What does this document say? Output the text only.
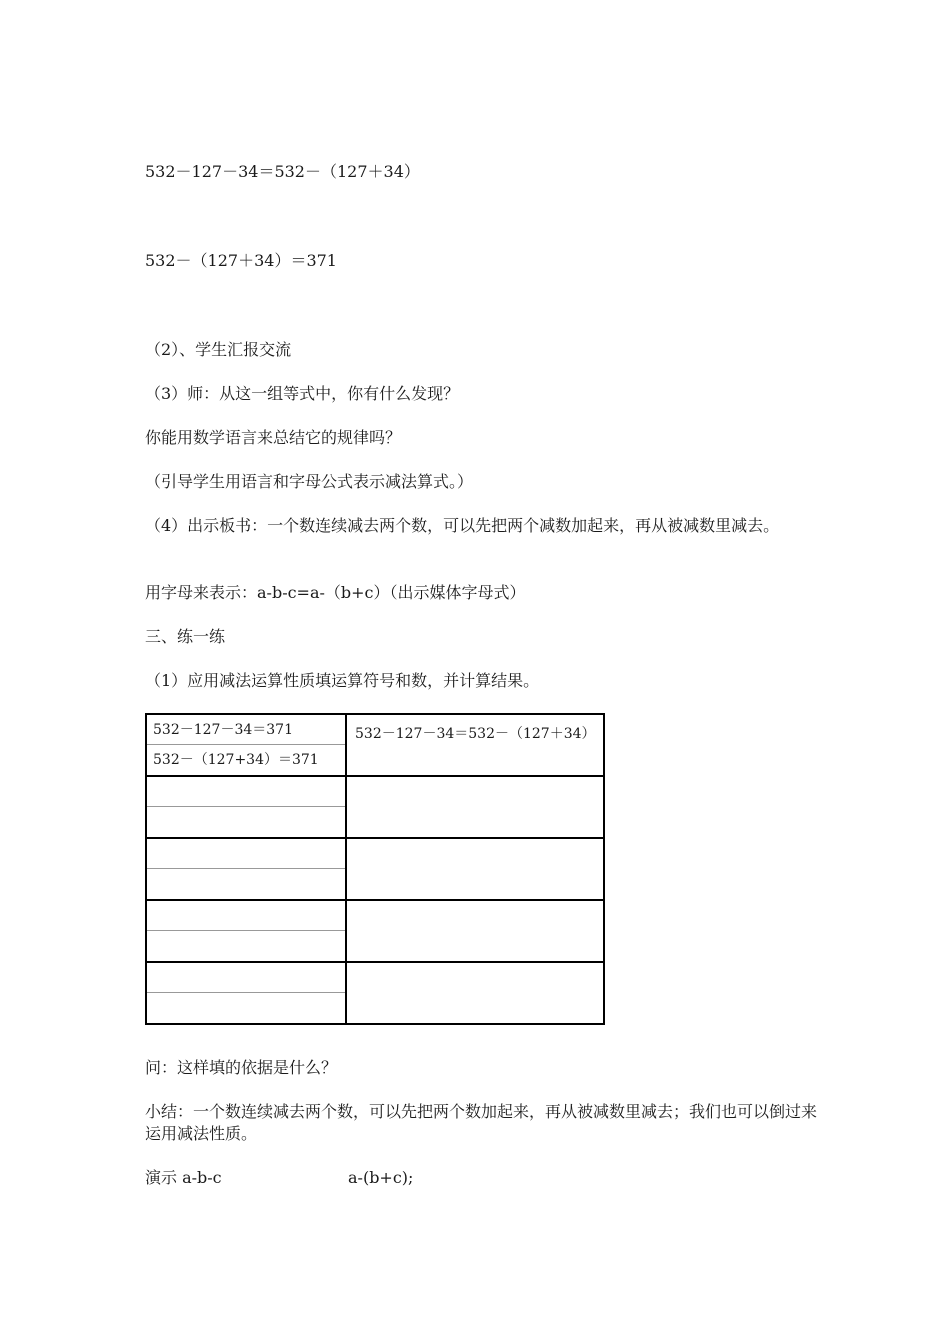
532－127－34＝532－（127＋34）
532－（127＋34）＝371
（2）、学生汇报交流
（3）师：从这一组等式中，你有什么发现？
你能用数学语言来总结它的规律吗？
（引导学生用语言和字母公式表示减法算式。）
（4）出示板书：一个数连续减去两个数，可以先把两个减数加起来，再从被减数里减去。
用字母来表示：a-b-c=a-（b+c）（出示媒体字母式）
三、练一练
（1）应用减法运算性质填运算符号和数，并计算结果。
532－127－34＝371
532－（127+34）＝371	532－127－34＝532－（127＋34）

问：这样填的依据是什么？
小结：一个数连续减去两个数，可以先把两个数加起来，再从被减数里减去；我们也可以倒过来运用减法性质。
演示 a-b-c	a-(b+c);
